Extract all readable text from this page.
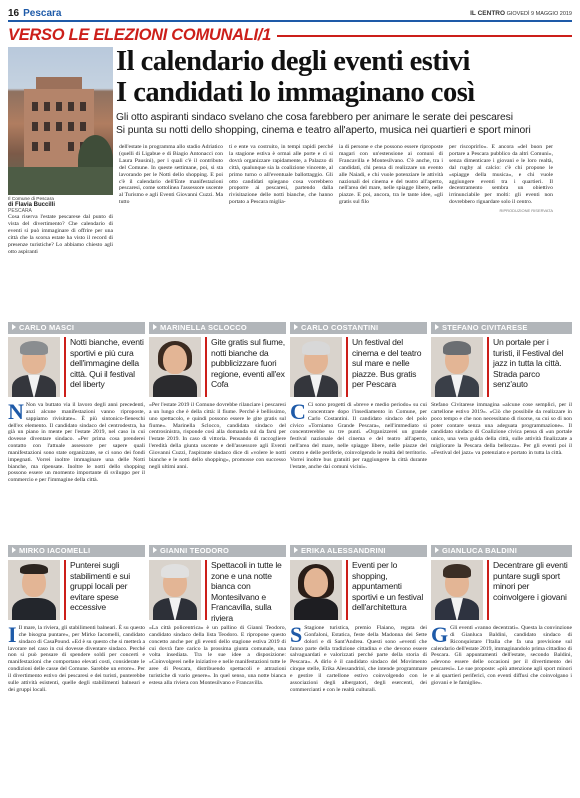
16 Pescara	IL CENTRO GIOVEDÌ 9 MAGGIO 2019
VERSO LE ELEZIONI COMUNALI/1
Il Comune di Pescara
Il calendario degli eventi estivi
I candidati lo immaginano così
Gli otto aspiranti sindaco svelano che cosa farebbero per animare le serate dei pescaresi
Si punta su notti dello shopping, cinema e teatro all'aperto, musica nei quartieri e sport minori
di Flavia Buccilli
PESCARA

Cosa riserva l'estate pescarese dal punto di vista del divertimento? Che calendario di eventi si può immaginare di offrire per una città che la scorsa estate ha visto il record di presenze turistiche? Lo abbiamo chiesto agli otto aspiranti

dell'estate in programma allo stadio Adriatico (quelli di Ligabue e di Biagio Antonacci con Laura Pausini), per i quali c'è il contributo del Comune. In queste settimane, poi, si sta lavorando per le Notti dello shopping. E poi c'è il calendario dell'Ente manifestazioni pescaresi, come sottolinea l'assessore uscente al Turismo e agli Eventi Giovanni Cuzzi. Ma tutto

ti e ente va costruito, in tempi rapidi perché la stagione estiva è ormai alle porte e ci si dovrà organizzare rapidamente, a Palazzo di città, qualunque sia la coalizione vincente, al primo turno o all'eventuale ballottaggio. Gli otto candidati spiegano cosa vorrebbero proporre ai pescaresi, partendo dalla rivisitazione delle notti bianche, che hanno portato a Pescara miglia-

ia di persone e che possono essere riproposte magari con un'estensione ai comuni di Francavilla e Montesilvano. C'è anche, tra i candidati, chi pensa di realizzare un evento alle Naiadi, e chi vuole potenziare le attività nazionali dei cinema e del teatro all'aperto, nell'area del mare, nelle spiagge libere, nelle piazze. E poi, ancora, tra le tante idee, «gli gratis sul filo

per riscoprirlo». E ancora «del buon per portare a Pescara pubblico da altri Comuni», senza dimenticare i giovani e le loro realtà, dal rugby al calcio: c'è chi propone le «spiagge della musica», e chi vuole aggiungere eventi tra i quartieri. Il decentramento sembra un obiettivo irrinunciabile per molti: gli eventi non dovrebbero riguardare solo il centro.

RIPRODUZIONE RISERVATA
CARLO MASCI
Notti bianche, eventi sportivi e più cura dell'immagine della città. Qui il festival del liberty

N Non va buttato via il lavoro degli anni precedenti, anzi alcune manifestazioni vanno riproposte, sappiamo rivisitate». È più sintonico-fieneschi dell'ex elemento. Il candidato sindaco del centrodestra, ha già un piano in mente per l'estate 2019, nel caso in cui dovesse diventare sindaco. «Per prima cosa prenderei contatto con l'attuale assessore per sapere quali manifestazioni sono state organizzate, se ci sono dei fondi impegnati. Vorrei inoltre immaginare una delle Notti bianche, ma ripensate. Inoltre le notti dello shopping possono essere un momento importante di sviluppo per il commercio e per l'immagine della città.

MARINELLA SCLOCCO
Gite gratis sul fiume, notti bianche da pubblicizzare fuori regione, eventi all'ex Cofa

«Per l'estate 2019 il Comune dovrebbe rilanciare i pescaresi a un lungo che è della città: il fiume. Perché è bellissimo, uno spettacolo, e quindi possono essere le gite gratis sul fiume». Marinella Sclocco, candidata sindaco del centrosinistra, risponde così alla domanda sul da farsi per l'estate 2019. In caso di vittoria. Pensando di raccogliere l'eredità della giunta uscente e dell'assessore agli Eventi Giovanni Cuzzi, l'aspirante sindaco dice di «volere le notti bianche e le notti dello shopping», promosse con successo negli ultimi anni.

CARLO COSTANTINI
Un festival del cinema e del teatro sul mare e nelle piazze. Bus gratis per Pescara

C Ci sono progetti di «breve e medio periodo» su cui concentrare dopo l'insediamento in Comune, per Carlo Costantini. Il candidato sindaco del polo civico «Torniamo Grande Pescara», nell'immediato si concentrerebbe su tre punti. «Organizzerei un grande festival nazionale del cinema e del teatro all'aperto, nell'area del mare, nelle spiagge libere, nelle piazze del centro e delle periferie, coinvolgendo le realtà del territorio. Vorrei inoltre bus gratuiti per raggiungere la città durante l'estate, anche dai comuni vicini».

STEFANO CIVITARESE
Un portale per i turisti, il Festival del jazz in tutta la città. Strada parco senz'auto

Stefano Civitarese immagina «alcune cose semplici, per il cartellone estivo 2019». «Ciò che possibile da realizzare in poco tempo e che non necessitano di risorse, su cui so di non poter contare senza una adeguata programmazione». Il candidato sindaco di Coalizione civica pensa di «un portale unico, una vera guida della città, sulle attività finalizzate a migliorare la Pescara della bellezza». Per gli eventi poi il «Festival del jazz» va potenziato e portato in tutta la città.

MIRKO IACOMELLI
Punterei sugli stabilimenti e sui gruppi locali per evitare spese eccessive

I Il mare, la riviera, gli stabilimenti balneari. È su questo che bisogna puntare», per Mirko Iacomelli, candidato sindaco di CasaPound. «Ed è su questo che si metterà a lavorare nel caso in cui dovesse diventare sindaco. Perché non si può pensare di spendere soldi per concerti e manifestazioni che comportano elevati costi, considerate le condizioni delle casse del Comune. Sarebbe un errore». Per il divertimento estivo dei pescaresi e dei turisti, punterebbe sulle attività esistenti, quelle degli stabilimenti balneari e dei gruppi locali.

GIANNI TEODORO
Spettacoli in tutte le zone e una notte bianca con Montesilvano e Francavilla, sulla riviera

«La città policentrica» è un pallino di Gianni Teodoro, candidato sindaco della lista Teodoro. E ripropone questo concetto anche per gli eventi dello stagione estiva 2019 di cui dovrà fare carico la prossima giunta comunale, una volta insediata. Tra le sue idee a disposizione: «Coinvolgerei nelle iniziative e nelle manifestazioni tutte le aree di Pescara, distribuendo spettacoli e attrazioni turistiche di vario genere». In quel senso, una notte bianca estesa alla riviera con Montesilvano e Francavilla.

ERIKA ALESSANDRINI
Eventi per lo shopping, appuntamenti sportivi e un festival dell'architettura

S Stagione turistica, premio Flaiano, regata dei Gonfaloni, Estatica, feste della Madonna dei Sette dolori e di Sant'Andrea. Questi sono «eventi che fanno parte della tradizione cittadina e che devono essere salvaguardati e valorizzati perché parte della storia di Pescara». A dirlo è il candidato sindaco del Movimento cinque stelle, Erika Alessandrini, che intende programmare e gestire il cartellone estivo coinvolgendo con le associazioni degli albergatori, degli esercenti, dei commercianti e con le realtà culturali.

GIANLUCA BALDINI
Decentrare gli eventi puntare sugli sport minori per coinvolgere i giovani

G Gli eventi «vanno decentrati». Questa la convinzione di Gianluca Baldini, candidato sindaco di Riconquistare l'Italia che fa una previsione sul calendario dell'estate 2019, immaginandolo prima cittadino di Pescara. Gli appuntamenti dell'estate, secondo Baldini, «devono essere delle occasioni per il divertimento dei pescaresi». Le sue proposte: «più attenzione agli sport minori e ai quartieri periferici, con eventi diffusi che coinvolgano i giovani e le famiglie».
